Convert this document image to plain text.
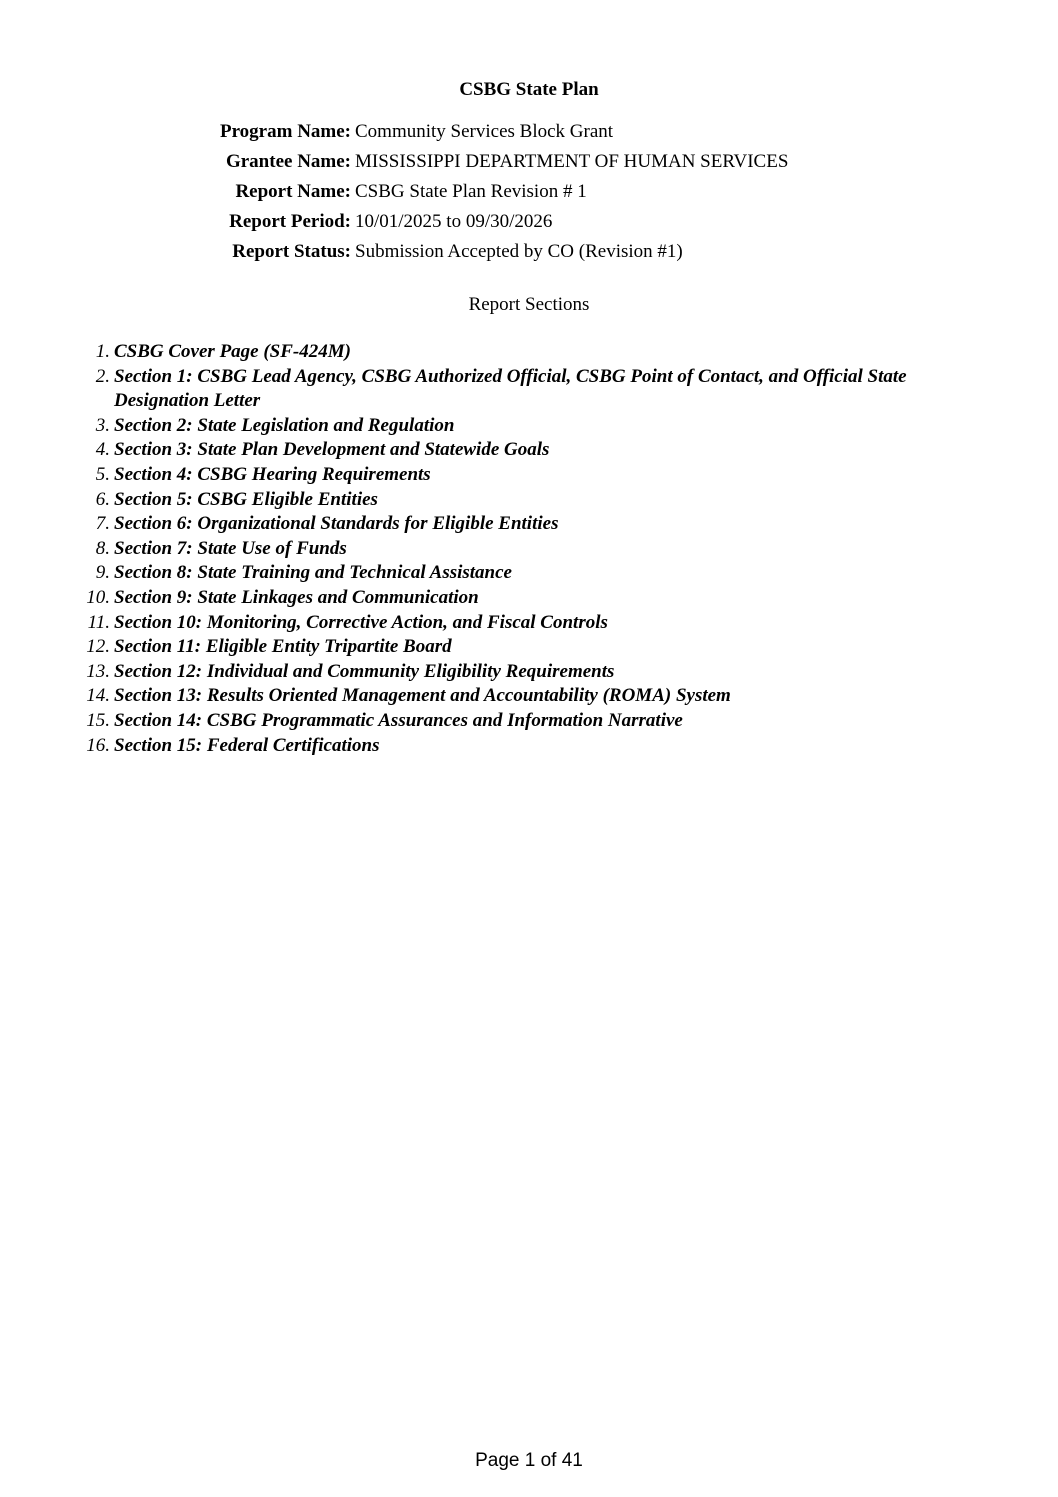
CSBG State Plan
Program Name: Community Services Block Grant
Grantee Name: MISSISSIPPI DEPARTMENT OF HUMAN SERVICES
Report Name: CSBG State Plan Revision # 1
Report Period: 10/01/2025 to 09/30/2026
Report Status: Submission Accepted by CO (Revision #1)
Report Sections
1. CSBG Cover Page (SF-424M)
2. Section 1: CSBG Lead Agency, CSBG Authorized Official, CSBG Point of Contact, and Official State Designation Letter
3. Section 2: State Legislation and Regulation
4. Section 3: State Plan Development and Statewide Goals
5. Section 4: CSBG Hearing Requirements
6. Section 5: CSBG Eligible Entities
7. Section 6: Organizational Standards for Eligible Entities
8. Section 7: State Use of Funds
9. Section 8: State Training and Technical Assistance
10. Section 9: State Linkages and Communication
11. Section 10: Monitoring, Corrective Action, and Fiscal Controls
12. Section 11: Eligible Entity Tripartite Board
13. Section 12: Individual and Community Eligibility Requirements
14. Section 13: Results Oriented Management and Accountability (ROMA) System
15. Section 14: CSBG Programmatic Assurances and Information Narrative
16. Section 15: Federal Certifications
Page 1 of 41
